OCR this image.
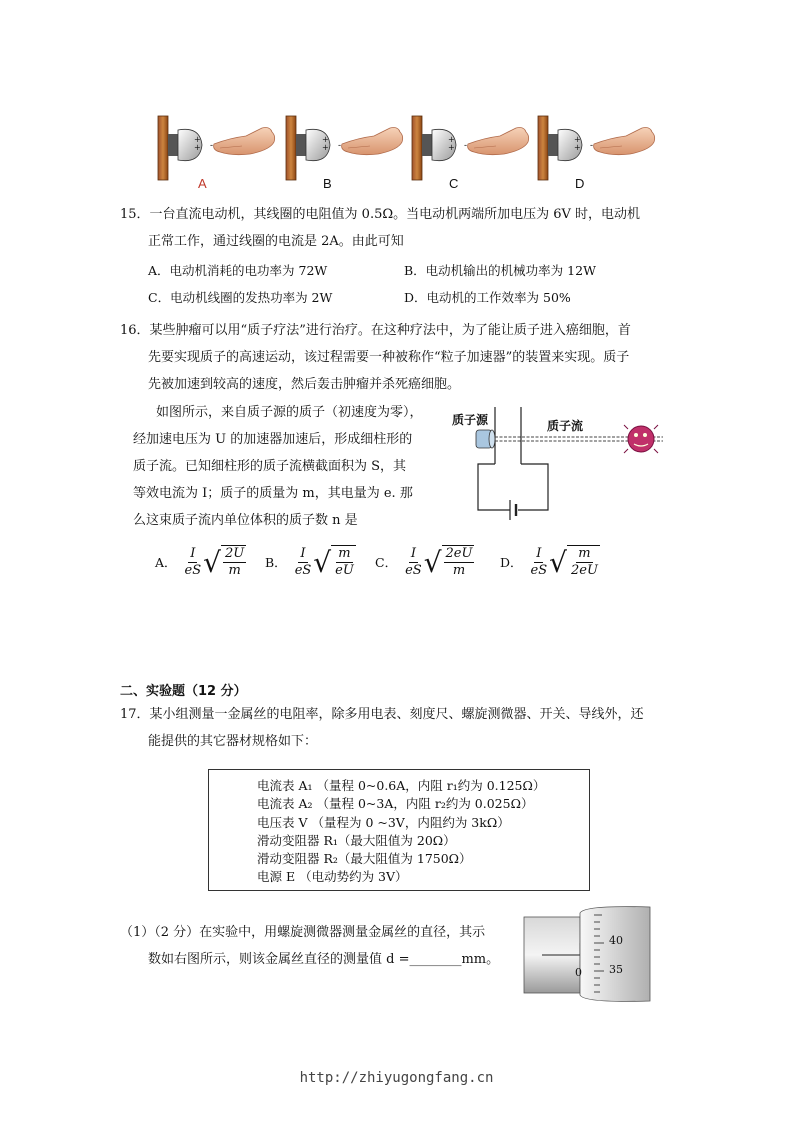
A	B	C	D
15．一台直流电动机，其线圈的电阻值为 0.5Ω。当电动机两端所加电压为 6V 时，电动机
正常工作，通过线圈的电流是 2A。由此可知
A．电动机消耗的电功率为 72W	B．电动机输出的机械功率为 12W
C．电动机线圈的发热功率为 2W	D．电动机的工作效率为 50%
16．某些肿瘤可以用“质子疗法”进行治疗。在这种疗法中，为了能让质子进入癌细胞，首
先要实现质子的高速运动，该过程需要一种被称作“粒子加速器”的装置来实现。质子
先被加速到较高的速度，然后轰击肿瘤并杀死癌细胞。
如图所示，来自质子源的质子（初速度为零），
经加速电压为 U 的加速器加速后，形成细柱形的
质子流。已知细柱形的质子流横截面积为 S，其
等效电流为 I；质子的质量为 m，其电量为 e. 那
么这束质子流内单位体积的质子数 n 是
质子源	质子流
A． $\frac{I}{eS}$ √ $\frac{2U}{m}$ B． $\frac{I}{eS}$ √ $\frac{m}{eU}$ C． $\frac{I}{eS}$ √ $\frac{2eU}{m}$ D． $\frac{I}{eS}$ √ $\frac{m}{2eU}$
二、实验题（12 分）
17．某小组测量一金属丝的电阻率，除多用电表、刻度尺、螺旋测微器、开关、导线外，还
能提供的其它器材规格如下：
电流表 A₁ （量程 0~0.6A，内阻 r₁约为 0.125Ω）
电流表 A₂ （量程 0~3A，内阻 r₂约为 0.025Ω）
电压表 V （量程为 0 ~3V，内阻约为 3kΩ）
滑动变阻器 R₁（最大阻值为 20Ω）
滑动变阻器 R₂（最大阻值为 1750Ω）
电源 E （电动势约为 3V）
（1）（2 分）在实验中，用螺旋测微器测量金属丝的直径，其示
数如右图所示，则该金属丝直径的测量值 d =________mm。
40
35
0
http://zhiyugongfang.cn
